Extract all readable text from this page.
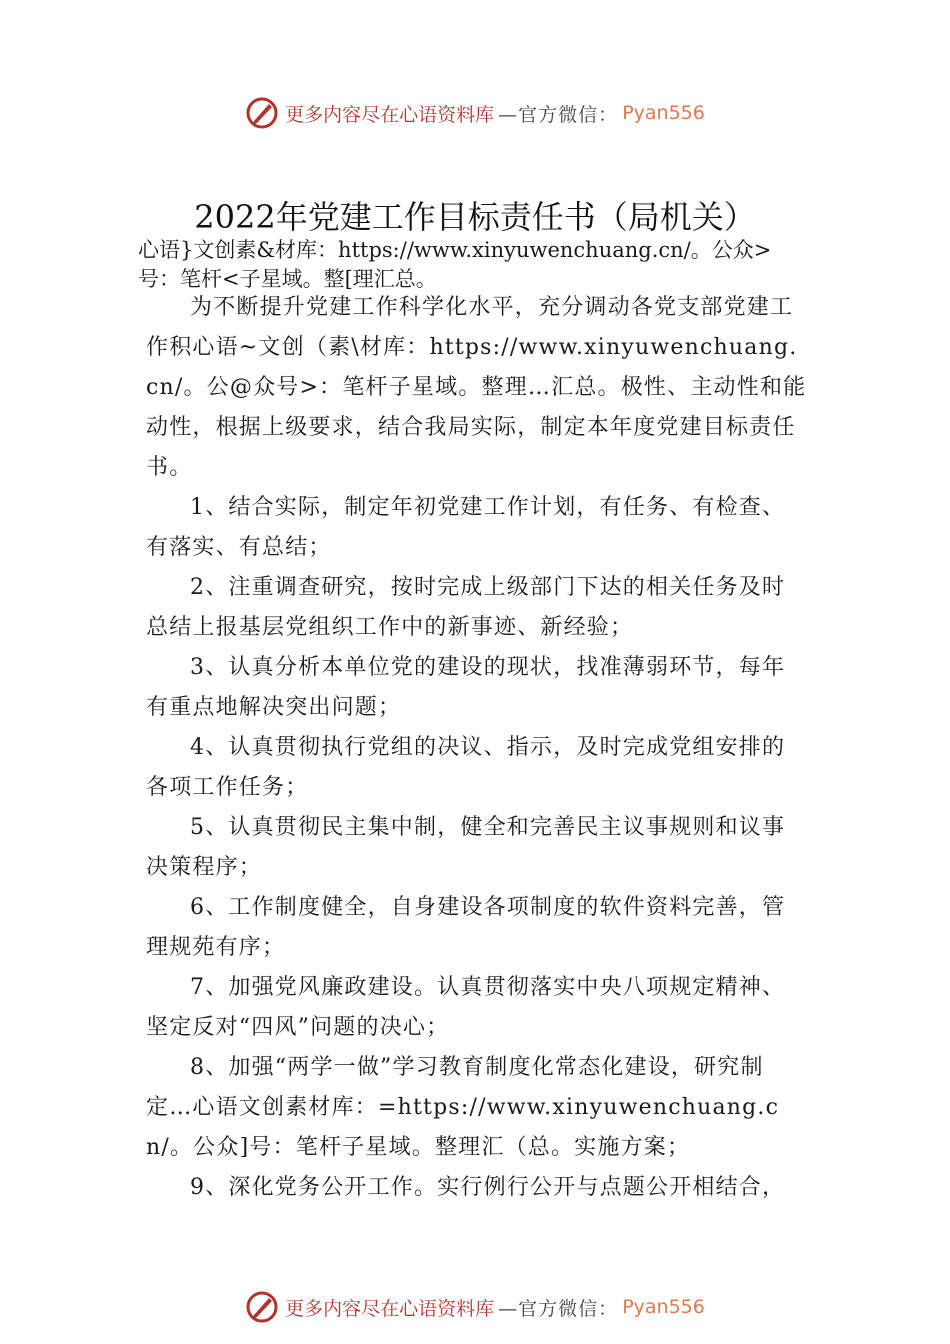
更多内容尽在心语资料库 —官方微信： Pyan556
2022年党建工作目标责任书（局机关）
心语}文创素&材库：https://www.xinyuwenchuang.cn/。公众>
号：笔杆<子星域。整[理汇总。

为不断提升党建工作科学化水平，充分调动各党支部党建工作积心语~文创（素\材库：https://www.xinyuwenchuang.cn/。公@众号>：笔杆子星域。整理…汇总。极性、主动性和能动性，根据上级要求，结合我局实际，制定本年度党建目标责任书。

1、结合实际，制定年初党建工作计划，有任务、有检查、有落实、有总结；

2、注重调查研究，按时完成上级部门下达的相关任务及时总结上报基层党组织工作中的新事迹、新经验；

3、认真分析本单位党的建设的现状，找准薄弱环节，每年有重点地解决突出问题；

4、认真贯彻执行党组的决议、指示，及时完成党组安排的各项工作任务；

5、认真贯彻民主集中制，健全和完善民主议事规则和议事决策程序；

6、工作制度健全，自身建设各项制度的软件资料完善，管理规苑有序；

7、加强党风廉政建设。认真贯彻落实中央八项规定精神、坚定反对“四风”问题的决心；

8、加强“两学一做”学习教育制度化常态化建设，研究制定…心语文创素材库：=https://www.xinyuwenchuang.cn/。公众]号：笔杆子星域。整理汇（总。实施方案；

9、深化党务公开工作。实行例行公开与点题公开相结合，

更多内容尽在心语资料库 —官方微信： Pyan556
